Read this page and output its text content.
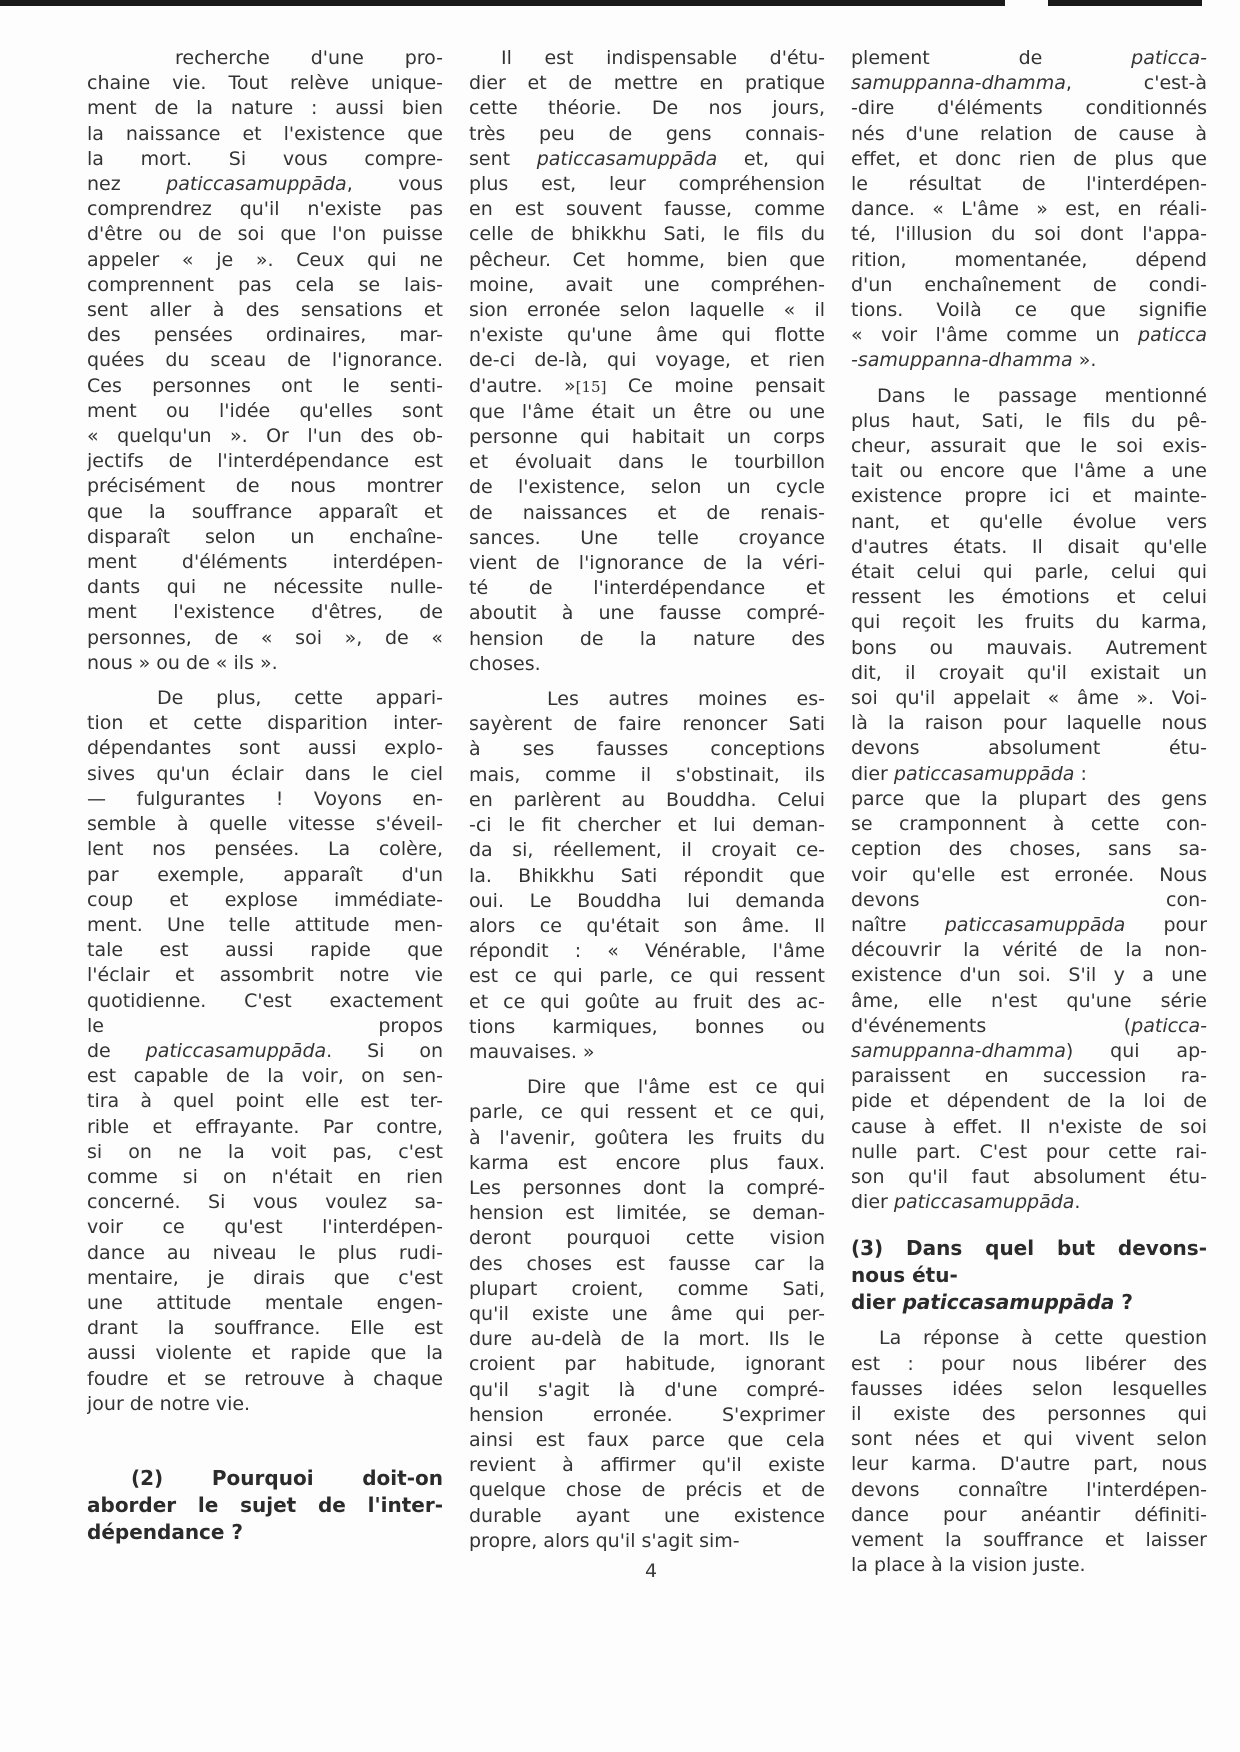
recherche d'une pro-
chaine vie. Tout relève unique-
ment de la nature : aussi bien
la naissance et l'existence que
la mort. Si vous compre-
nez paticcasamuppāda, vous
comprendrez qu'il n'existe pas
d'être ou de soi que l'on puisse
appeler « je ». Ceux qui ne
comprennent pas cela se lais-
sent aller à des sensations et
des pensées ordinaires, mar-
quées du sceau de l'ignorance.
Ces personnes ont le senti-
ment ou l'idée qu'elles sont
« quelqu'un ». Or l'un des ob-
jectifs de l'interdépendance est
précisément de nous montrer
que la souffrance apparaît et
disparaît selon un enchaîne-
ment d'éléments interdépen-
dants qui ne nécessite nulle-
ment l'existence d'êtres, de
personnes, de « soi », de «
nous » ou de « ils ».
De plus, cette appari-
tion et cette disparition inter-
dépendantes sont aussi explo-
sives qu'un éclair dans le ciel
— fulgurantes ! Voyons en-
semble à quelle vitesse s'éveil-
lent nos pensées. La colère,
par exemple, apparaît d'un
coup et explose immédiate-
ment. Une telle attitude men-
tale est aussi rapide que
l'éclair et assombrit notre vie
quotidienne. C'est exactement
le propos
de paticcasamuppāda. Si on
est capable de la voir, on sen-
tira à quel point elle est ter-
rible et effrayante. Par contre,
si on ne la voit pas, c'est
comme si on n'était en rien
concerné. Si vous voulez sa-
voir ce qu'est l'interdépen-
dance au niveau le plus rudi-
mentaire, je dirais que c'est
une attitude mentale engen-
drant la souffrance. Elle est
aussi violente et rapide que la
foudre et se retrouve à chaque
jour de notre vie.
(2) Pourquoi doit-on
aborder le sujet de l'inter-
dépendance ?
Il est indispensable d'étu-
dier et de mettre en pratique
cette théorie. De nos jours,
très peu de gens connais-
sent paticcasamuppāda et, qui
plus est, leur compréhension
en est souvent fausse, comme
celle de bhikkhu Sati, le fils du
pêcheur. Cet homme, bien que
moine, avait une compréhen-
sion erronée selon laquelle « il
n'existe qu'une âme qui flotte
de-ci de-là, qui voyage, et rien
d'autre. »[15] Ce moine pensait
que l'âme était un être ou une
personne qui habitait un corps
et évoluait dans le tourbillon
de l'existence, selon un cycle
de naissances et de renais-
sances. Une telle croyance
vient de l'ignorance de la véri-
té de l'interdépendance et
aboutit à une fausse compré-
hension de la nature des
choses.
Les autres moines es-
sayèrent de faire renoncer Sati
à ses fausses conceptions
mais, comme il s'obstinait, ils
en parlèrent au Bouddha. Celui
-ci le fit chercher et lui deman-
da si, réellement, il croyait ce-
la. Bhikkhu Sati répondit que
oui. Le Bouddha lui demanda
alors ce qu'était son âme. Il
répondit : « Vénérable, l'âme
est ce qui parle, ce qui ressent
et ce qui goûte au fruit des ac-
tions karmiques, bonnes ou
mauvaises. »
Dire que l'âme est ce qui
parle, ce qui ressent et ce qui,
à l'avenir, goûtera les fruits du
karma est encore plus faux.
Les personnes dont la compré-
hension est limitée, se deman-
deront pourquoi cette vision
des choses est fausse car la
plupart croient, comme Sati,
qu'il existe une âme qui per-
dure au-delà de la mort. Ils le
croient par habitude, ignorant
qu'il s'agit là d'une compré-
hension erronée. S'exprimer
ainsi est faux parce que cela
revient à affirmer qu'il existe
quelque chose de précis et de
durable ayant une existence
propre, alors qu'il s'agit sim-
plement de paticca-
samuppanna-dhamma, c'est-à
-dire d'éléments conditionnés
nés d'une relation de cause à
effet, et donc rien de plus que
le résultat de l'interdépen-
dance. « L'âme » est, en réali-
té, l'illusion du soi dont l'appa-
rition, momentanée, dépend
d'un enchaînement de condi-
tions. Voilà ce que signifie
« voir l'âme comme un paticca
-samuppanna-dhamma ».
Dans le passage mentionné
plus haut, Sati, le fils du pê-
cheur, assurait que le soi exis-
tait ou encore que l'âme a une
existence propre ici et mainte-
nant, et qu'elle évolue vers
d'autres états. Il disait qu'elle
était celui qui parle, celui qui
ressent les émotions et celui
qui reçoit les fruits du karma,
bons ou mauvais. Autrement
dit, il croyait qu'il existait un
soi qu'il appelait « âme ». Voi-
là la raison pour laquelle nous
devons absolument étu-
dier paticcasamuppāda :
parce que la plupart des gens
se cramponnent à cette con-
ception des choses, sans sa-
voir qu'elle est erronée. Nous
devons con-
naître paticcasamuppāda pour
découvrir la vérité de la non-
existence d'un soi. S'il y a une
âme, elle n'est qu'une série
d'événements (paticca-
samuppanna-dhamma) qui ap-
paraissent en succession ra-
pide et dépendent de la loi de
cause à effet. Il n'existe de soi
nulle part. C'est pour cette rai-
son qu'il faut absolument étu-
dier paticcasamuppāda.
(3) Dans quel but devons-
nous étu-
dier paticcasamuppāda ?
La réponse à cette question
est : pour nous libérer des
fausses idées selon lesquelles
il existe des personnes qui
sont nées et qui vivent selon
leur karma. D'autre part, nous
devons connaître l'interdépen-
dance pour anéantir définiti-
vement la souffrance et laisser
la place à la vision juste.
4
